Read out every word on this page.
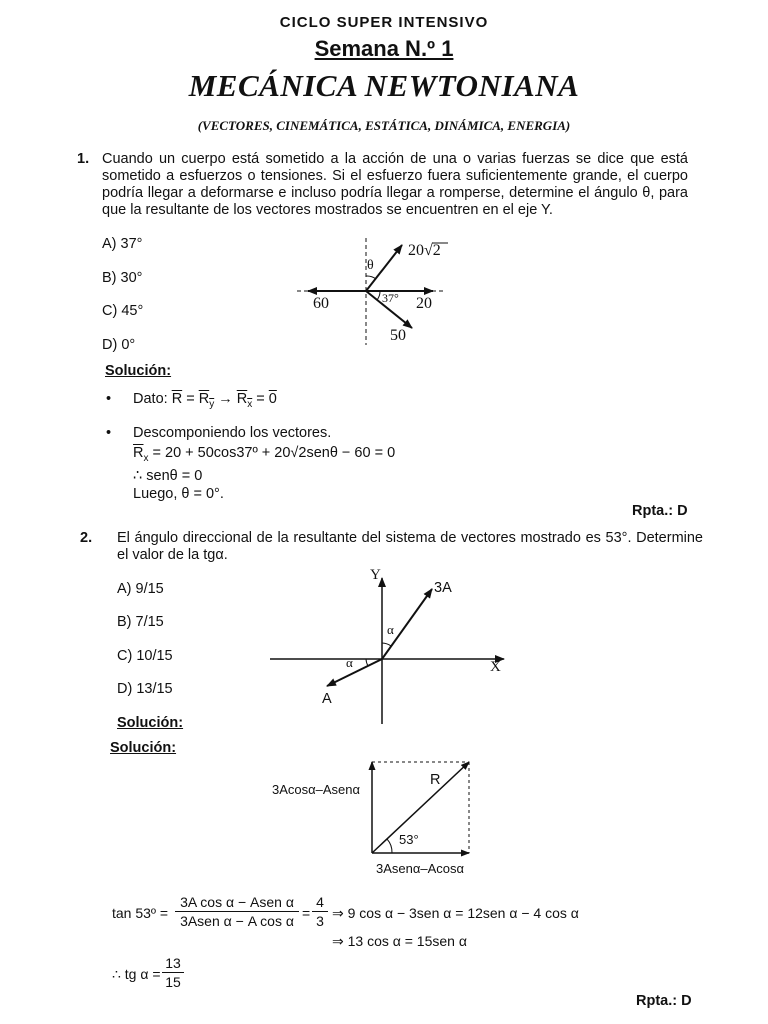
CICLO SUPER INTENSIVO
Semana N.º 1
MECÁNICA NEWTONIANA
(VECTORES, CINEMÁTICA, ESTÁTICA, DINÁMICA, ENERGIA)
1. Cuando un cuerpo está sometido a la acción de una o varias fuerzas se dice que está sometido a esfuerzos o tensiones. Si el esfuerzo fuera suficientemente grande, el cuerpo podría llegar a deformarse e incluso podría llegar a romperse, determine el ángulo θ, para que la resultante de los vectores mostrados se encuentren en el eje Y.
A) 37°
B) 30°
C) 45°
D) 0°
20√2
θ
37°
60	20
50
Solución:
• Dato: $\overline{R} = R_y \to R_x = 0$
• Descomponiendo los vectores.
$\overline{R}_x = 20$ + 50cos37º + 20√2senθ − 60 = 0
∴ senθ = 0
Luego, θ = 0°.
Rpta.: D
2. El ángulo direccional de la resultante del sistema de vectores mostrado es 53°. Determine el valor de la tgα.
A) 9/15
B) 7/15
C) 10/15
D) 13/15
Y
X
3A
A
α
α
Solución:
Solución:
3Acosα–Asenα
R
53°
3Asenα–Acosα
tan 53º =
3A cos α − Asen α
3Asen α − A cos α =
4
3 ⇒ 9 cos α − 3sen α = 12sen α − 4 cos α
⇒ 13 cos α = 15sen α
∴ tg α =
13
15
Rpta.: D
